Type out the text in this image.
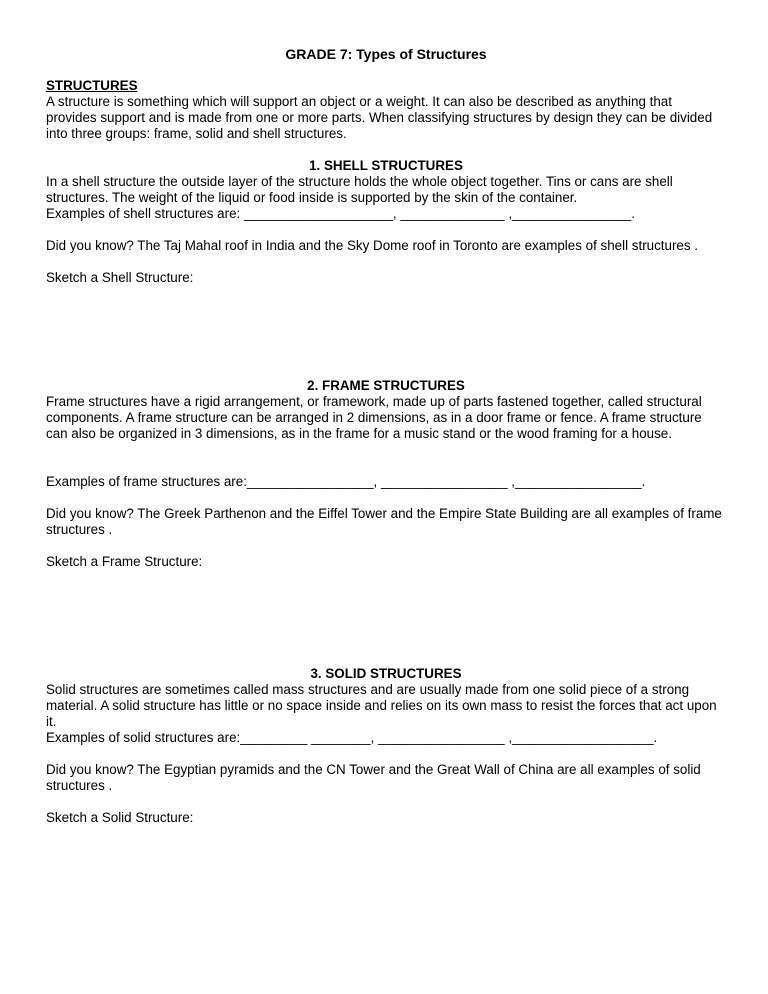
GRADE 7: Types of Structures
STRUCTURES

A structure is something which will support an object or a weight. It can also be described as anything that provides support and is made from one or more parts. When classifying structures by design they can be divided into three groups: frame, solid and shell structures.

1. SHELL STRUCTURES

In a shell structure the outside layer of the structure holds the whole object together. Tins or cans are shell structures. The weight of the liquid or food inside is supported by the skin of the container.

Examples of shell structures are: ____________________, ______________ ,________________.

Did you know? The Taj Mahal roof in India and the Sky Dome roof in Toronto are examples of shell structures .

Sketch a Shell Structure:

2. FRAME STRUCTURES

Frame structures have a rigid arrangement, or framework, made up of parts fastened together, called structural components. A frame structure can be arranged in 2 dimensions, as in a door frame or fence. A frame structure can also be organized in 3 dimensions, as in the frame for a music stand or the wood framing for a house.

Examples of frame structures are:_________________, _________________ ,_________________.

Did you know? The Greek Parthenon and the Eiffel Tower and the Empire State Building are all examples of frame structures .

Sketch a Frame Structure:

3. SOLID STRUCTURES

Solid structures are sometimes called mass structures and are usually made from one solid piece of a strong material. A solid structure has little or no space inside and relies on its own mass to resist the forces that act upon it.

Examples of solid structures are:_________ ________, _________________ ,___________________.

Did you know? The Egyptian pyramids and the CN Tower and the Great Wall of China are all examples of solid structures .

Sketch a Solid Structure:
